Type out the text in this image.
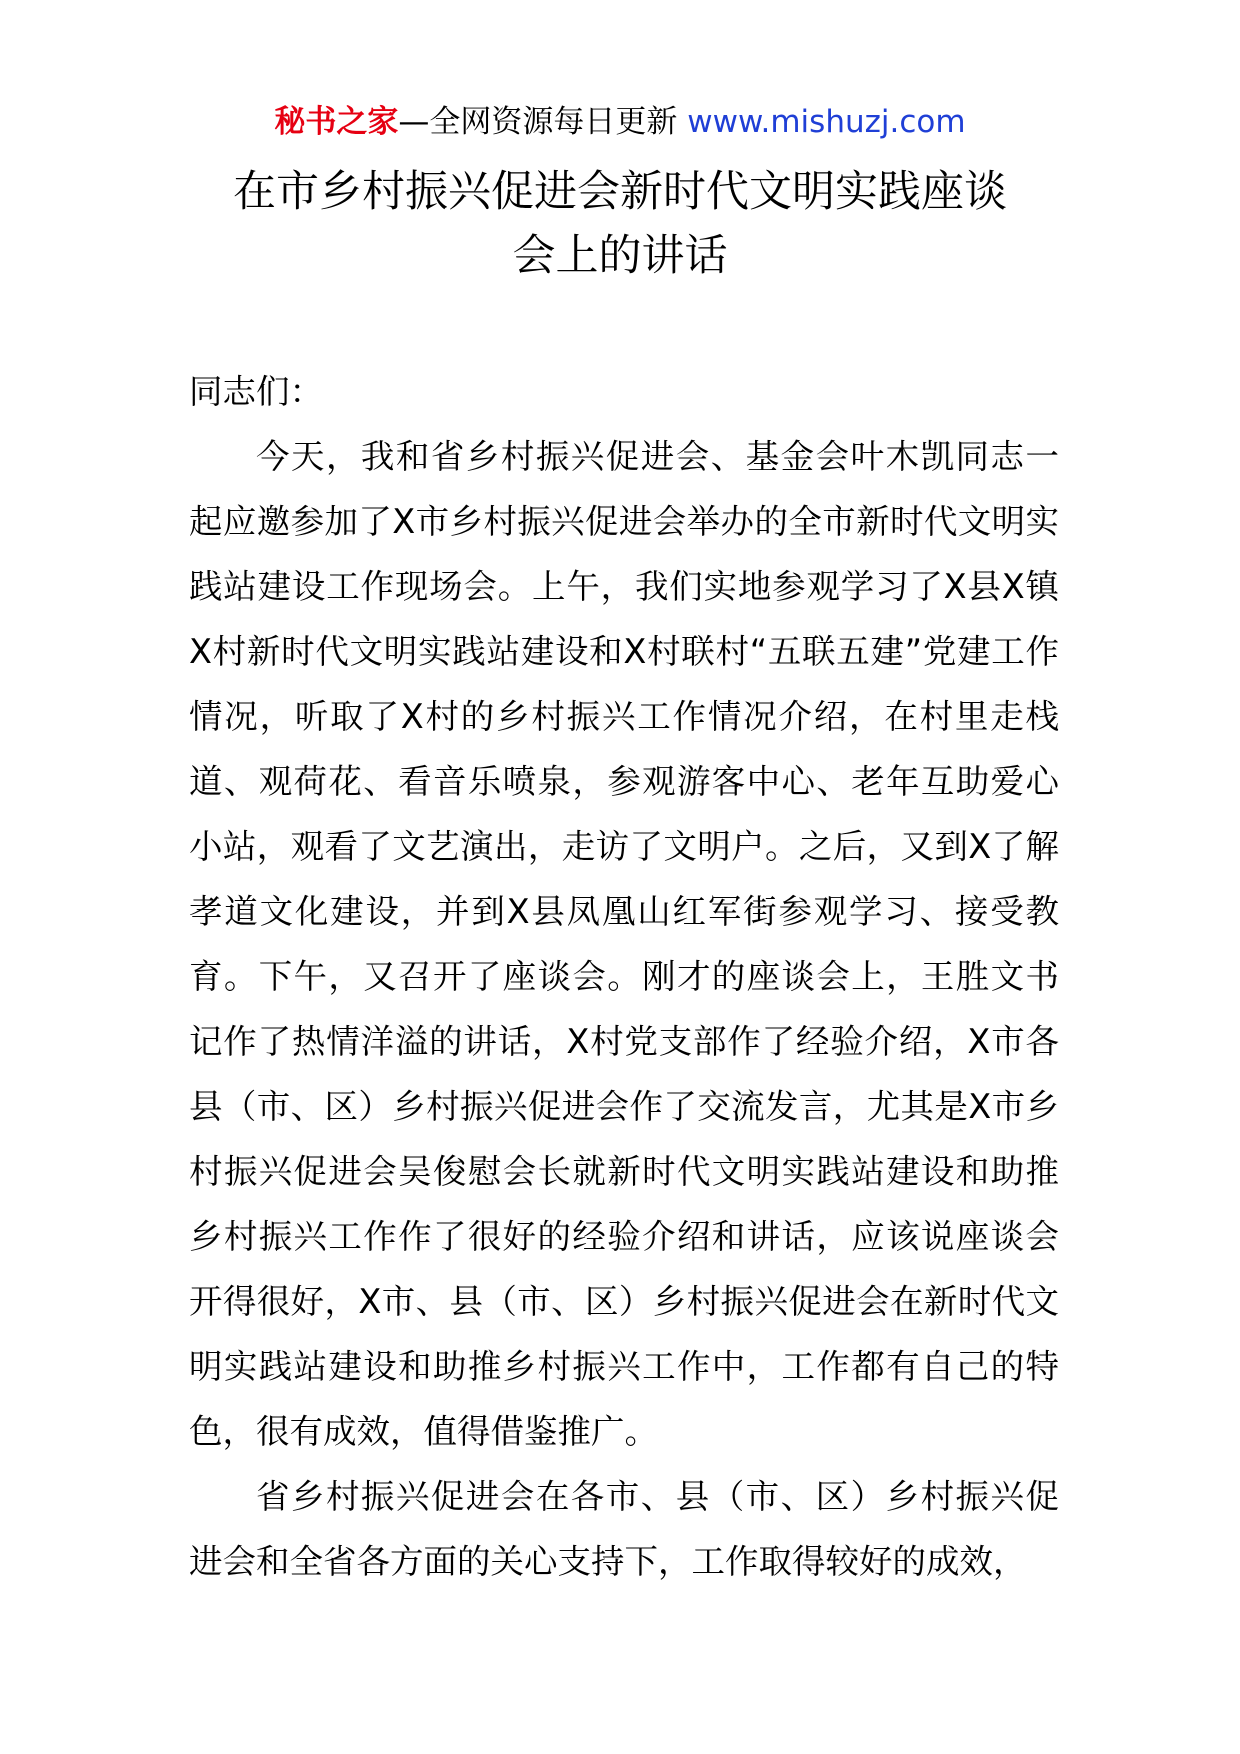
秘书之家—全网资源每日更新 www.mishuzj.com
在市乡村振兴促进会新时代文明实践座谈
会上的讲话

同志们：

今天，我和省乡村振兴促进会、基金会叶木凯同志一起应邀参加了X市乡村振兴促进会举办的全市新时代文明实践站建设工作现场会。上午，我们实地参观学习了X县X镇X村新时代文明实践站建设和X村联村“五联五建”党建工作情况，听取了X村的乡村振兴工作情况介绍，在村里走栈道、观荷花、看音乐喷泉，参观游客中心、老年互助爱心小站，观看了文艺演出，走访了文明户。之后，又到X了解孝道文化建设，并到X县凤凰山红军街参观学习、接受教育。下午，又召开了座谈会。刚才的座谈会上，王胜文书记作了热情洋溢的讲话，X村党支部作了经验介绍，X市各县（市、区）乡村振兴促进会作了交流发言，尤其是X市乡村振兴促进会吴俊慰会长就新时代文明实践站建设和助推乡村振兴工作作了很好的经验介绍和讲话，应该说座谈会开得很好，X市、县（市、区）乡村振兴促进会在新时代文明实践站建设和助推乡村振兴工作中，工作都有自己的特色，很有成效，值得借鉴推广。

省乡村振兴促进会在各市、县（市、区）乡村振兴促进会和全省各方面的关心支持下，工作取得较好的成效，
